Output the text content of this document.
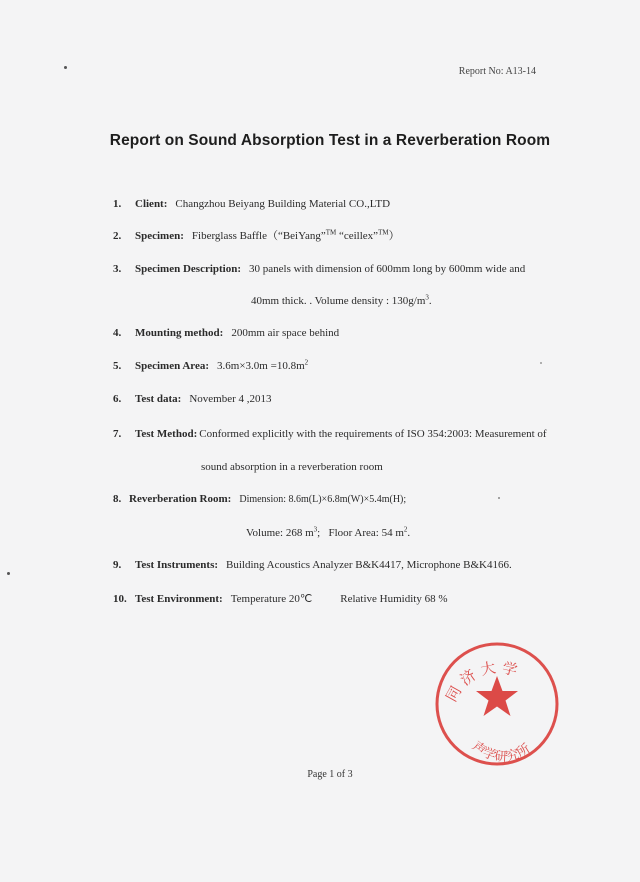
Report No: A13-14
Report on Sound Absorption Test in a Reverberation Room
1. Client: Changzhou Beiyang Building Material CO.,LTD
2. Specimen: Fiberglass Baffle（“BeiYang”™ “ceillex”™）
3. Specimen Description: 30 panels with dimension of 600mm long by 600mm wide and
40mm thick. . Volume density : $130g/m^3$.
4. Mounting method: 200mm air space behind
5. Specimen Area: $3.6m\times 3.0m =10.8m^2$
6. Test data: November 4 ,2013
7. Test Method: Conformed explicitly with the requirements of ISO 354:2003: Measurement of
sound absorption in a reverberation room
8. Reverberation Room: Dimension: 8.6m(L)×6.8m(W)×5.4m(H);
Volume: 268 $m^3$;   Floor Area: 54 $m^2$.
9. Test Instruments: Building Acoustics Analyzer B&K4417, Microphone B&K4166.
10. Test Environment: Temperature 20℃	Relative Humidity 68 %
同 济 大 学
声学研究所
Page 1 of 3
